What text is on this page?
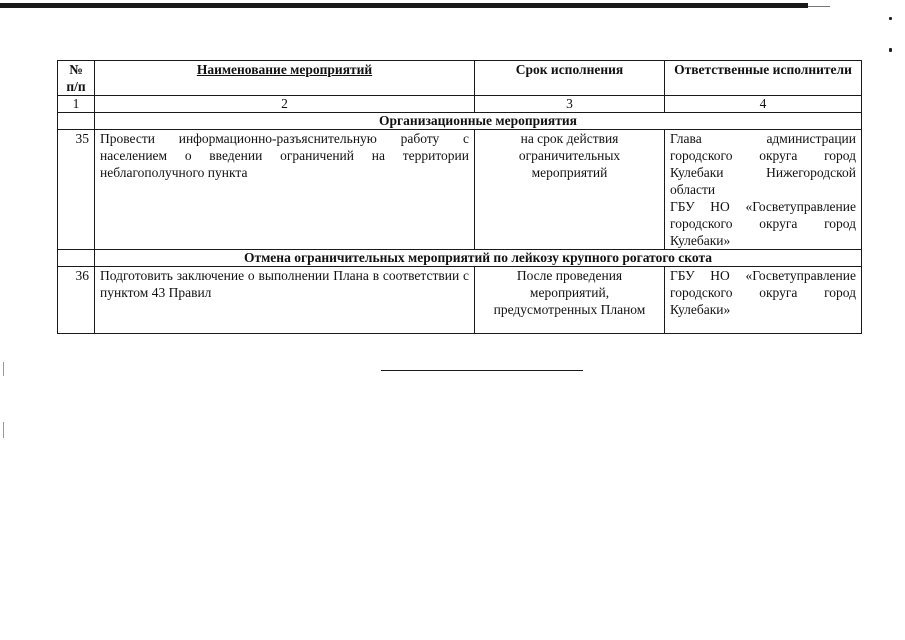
№ п/п	Наименование мероприятий	Срок исполнения	Ответственные исполнители
1	2	3	4
	Организационные мероприятия		
35	Провести информационно-разъяснительную работу с населением о введении ограничений на территории неблагополучного пункта	на срок действия ограничительных мероприятий	Глава администрации городского округа город Кулебаки Нижегородской области
ГБУ НО «Госветуправление городского округа город Кулебаки»

	Отмена ограничительных мероприятий по лейкозу крупного рогатого скота		
36	Подготовить заключение о выполнении Плана в соответствии с пунктом 43 Правил	После проведения мероприятий, предусмотренных Планом	ГБУ НО «Госветуправление городского округа город Кулебаки»
